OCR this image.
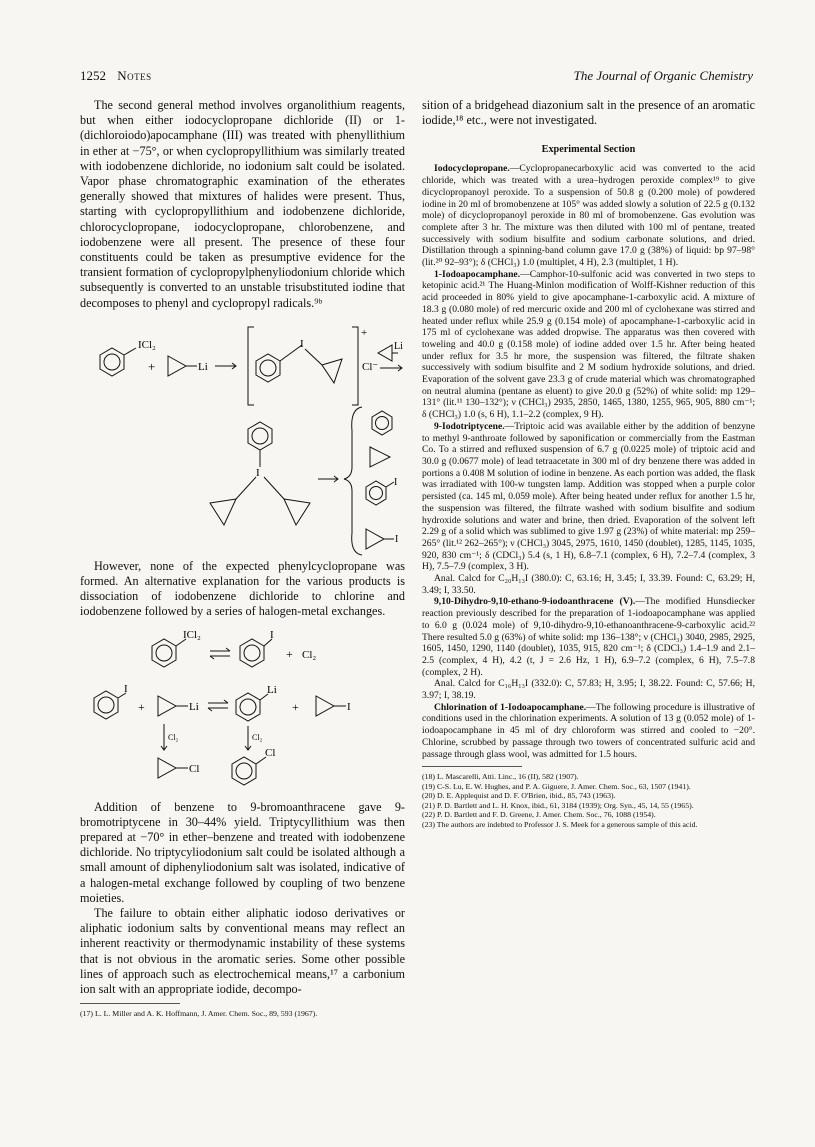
1252 Notes	The Journal of Organic Chemistry

The second general method involves organolithium reagents, but when either iodocyclopropane dichloride (II) or 1-(dichloroiodo)apocamphane (III) was treated with phenyllithium in ether at −75°, or when cyclopropyllithium was similarly treated with iodobenzene dichloride, no iodonium salt could be isolated. Vapor phase chromatographic examination of the etherates generally showed that mixtures of halides were present. Thus, starting with cyclopropyllithium and iodobenzene dichloride, chlorocyclopropane, iodocyclopropane, chlorobenzene, and iodobenzene were all present. The presence of these four constituents could be taken as presumptive evidence for the transient formation of cyclopropylphenyliodonium chloride which subsequently is converted to an unstable trisubstituted iodine that decomposes to phenyl and cyclopropyl radicals.⁹ᵇ

ICl₂
+	Li
I
+
Cl⁻
Li
I
I
I

However, none of the expected phenylcyclopropane was formed. An alternative explanation for the various products is dissociation of iodobenzene dichloride to chlorine and iodobenzene followed by a series of halogen-metal exchanges.

ICl₂	I
+ Cl₂
I
+	Li
Li
+	I
Cl₂	Cl₂
Cl
Cl

Addition of benzene to 9-bromoanthracene gave 9-bromotriptycene in 30–44% yield. Triptycyllithium was then prepared at −70° in ether–benzene and treated with iodobenzene dichloride. No triptycyliodonium salt could be isolated although a small amount of diphenyliodonium salt was isolated, indicative of a halogen-metal exchange followed by coupling of two benzene moieties.

The failure to obtain either aliphatic iodoso derivatives or aliphatic iodonium salts by conventional means may reflect an inherent reactivity or thermodynamic instability of these systems that is not obvious in the aromatic series. Some other possible lines of approach such as electrochemical means,¹⁷ a carbonium ion salt with an appropriate iodide, decompo-

(17) L. L. Miller and A. K. Hoffmann, J. Amer. Chem. Soc., 89, 593 (1967).

sition of a bridgehead diazonium salt in the presence of an aromatic iodide,¹⁸ etc., were not investigated.

Experimental Section

Iodocyclopropane.—Cyclopropanecarboxylic acid was converted to the acid chloride, which was treated with a urea–hydrogen peroxide complex¹⁹ to give dicyclopropanoyl peroxide. To a suspension of 50.8 g (0.200 mole) of powdered iodine in 20 ml of bromobenzene at 105° was added slowly a solution of 22.5 g (0.132 mole) of dicyclopropanoyl peroxide in 80 ml of bromobenzene. Gas evolution was complete after 3 hr. The mixture was then diluted with 100 ml of pentane, treated successively with sodium bisulfite and sodium carbonate solutions, and dried. Distillation through a spinning-band column gave 17.0 g (38%) of liquid: bp 97–98° (lit.²⁰ 92–93°); δ (CHCl₃) 1.0 (multiplet, 4 H), 2.3 (multiplet, 1 H).

1-Iodoapocamphane.—Camphor-10-sulfonic acid was converted in two steps to ketopinic acid.²¹ The Huang-Minlon modification of Wolff-Kishner reduction of this acid proceeded in 80% yield to give apocamphane-1-carboxylic acid. A mixture of 18.3 g (0.080 mole) of red mercuric oxide and 200 ml of cyclohexane was stirred and heated under reflux while 25.9 g (0.154 mole) of apocamphane-1-carboxylic acid in 175 ml of cyclohexane was added dropwise. The apparatus was then covered with toweling and 40.0 g (0.158 mole) of iodine added over 1.5 hr. After being heated under reflux for 3.5 hr more, the suspension was filtered, the filtrate shaken successively with sodium bisulfite and 2 M sodium hydroxide solutions, and dried. Evaporation of the solvent gave 23.3 g of crude material which was chromatographed on neutral alumina (pentane as eluent) to give 20.0 g (52%) of white solid: mp 129–131° (lit.¹¹ 130–132°); ν (CHCl₃) 2935, 2850, 1465, 1380, 1255, 965, 905, 880 cm⁻¹; δ (CHCl₃) 1.0 (s, 6 H), 1.1–2.2 (complex, 9 H).

9-Iodotriptycene.—Triptoic acid was available either by the addition of benzyne to methyl 9-anthroate followed by saponification or commercially from the Eastman Co. To a stirred and refluxed suspension of 6.7 g (0.0225 mole) of triptoic acid and 30.0 g (0.0677 mole) of lead tetraacetate in 300 ml of dry benzene there was added in portions a 0.408 M solution of iodine in benzene. As each portion was added, the flask was irradiated with 100-w tungsten lamp. Addition was stopped when a purple color persisted (ca. 145 ml, 0.059 mole). After being heated under reflux for another 1.5 hr, the suspension was filtered, the filtrate washed with sodium bisulfite and sodium hydroxide solutions and water and brine, then dried. Evaporation of the solvent left 2.29 g of a solid which was sublimed to give 1.97 g (23%) of white material: mp 259–265° (lit.¹² 262–265°); ν (CHCl₃) 3045, 2975, 1610, 1450 (doublet), 1285, 1145, 1035, 920, 830 cm⁻¹; δ (CDCl₃) 5.4 (s, 1 H), 6.8–7.1 (complex, 6 H), 7.2–7.4 (complex, 3 H), 7.5–7.9 (complex, 3 H).

Anal. Calcd for C₂₀H₁₃I (380.0): C, 63.16; H, 3.45; I, 33.39. Found: C, 63.29; H, 3.49; I, 33.50.

9,10-Dihydro-9,10-ethano-9-iodoanthracene (V).—The modified Hunsdiecker reaction previously described for the preparation of 1-iodoapocamphane was applied to 6.0 g (0.024 mole) of 9,10-dihydro-9,10-ethanoanthracene-9-carboxylic acid.²² There resulted 5.0 g (63%) of white solid: mp 136–138°; ν (CHCl₃) 3040, 2985, 2925, 1605, 1450, 1290, 1140 (doublet), 1035, 915, 820 cm⁻¹; δ (CDCl₃) 1.4–1.9 and 2.1–2.5 (complex, 4 H), 4.2 (t, J = 2.6 Hz, 1 H), 6.9–7.2 (complex, 6 H), 7.5–7.8 (complex, 2 H).

Anal. Calcd for C₁₆H₁₃I (332.0): C, 57.83; H, 3.95; I, 38.22. Found: C, 57.66; H, 3.97; I, 38.19.

Chlorination of 1-Iodoapocamphane.—The following procedure is illustrative of conditions used in the chlorination experiments. A solution of 13 g (0.052 mole) of 1-iodoapocamphane in 45 ml of dry chloroform was stirred and cooled to −20°. Chlorine, scrubbed by passage through two towers of concentrated sulfuric acid and passage through glass wool, was admitted for 1.5 hours.

(18) L. Mascarelli, Atti. Linc., 16 (II), 582 (1907).

(19) C-S. Lu, E. W. Hughes, and P. A. Giguere, J. Amer. Chem. Soc., 63, 1507 (1941).

(20) D. E. Applequist and D. F. O'Brien, ibid., 85, 743 (1963).

(21) P. D. Bartlett and L. H. Knox, ibid., 61, 3184 (1939); Org. Syn., 45, 14, 55 (1965).

(22) P. D. Bartlett and F. D. Greene, J. Amer. Chem. Soc., 76, 1088 (1954).

(23) The authors are indebted to Professor J. S. Meek for a generous sample of this acid.
